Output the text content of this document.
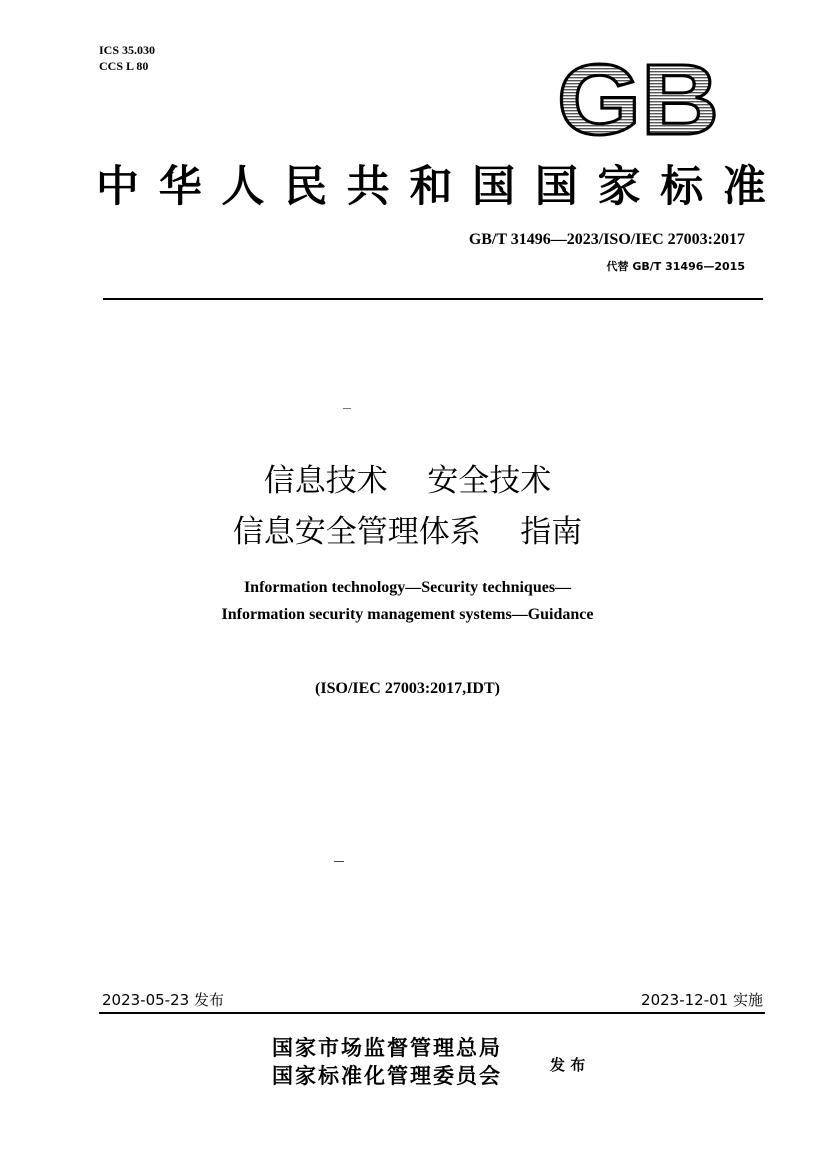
ICS 35.030
CCS L 80	GB
中 华 人 民 共 和 国 国 家 标 准
GB/T 31496—2023/ISO/IEC 27003:2017
代替 GB/T 31496—2015
信息技术    安全技术
信息安全管理体系    指南
Information technology—Security techniques—
Information security management systems—Guidance
(ISO/IEC 27003:2017,IDT)
2023-05-23 发布	2023-12-01 实施
国家市场监督管理总局
国家标准化管理委员会	发 布
